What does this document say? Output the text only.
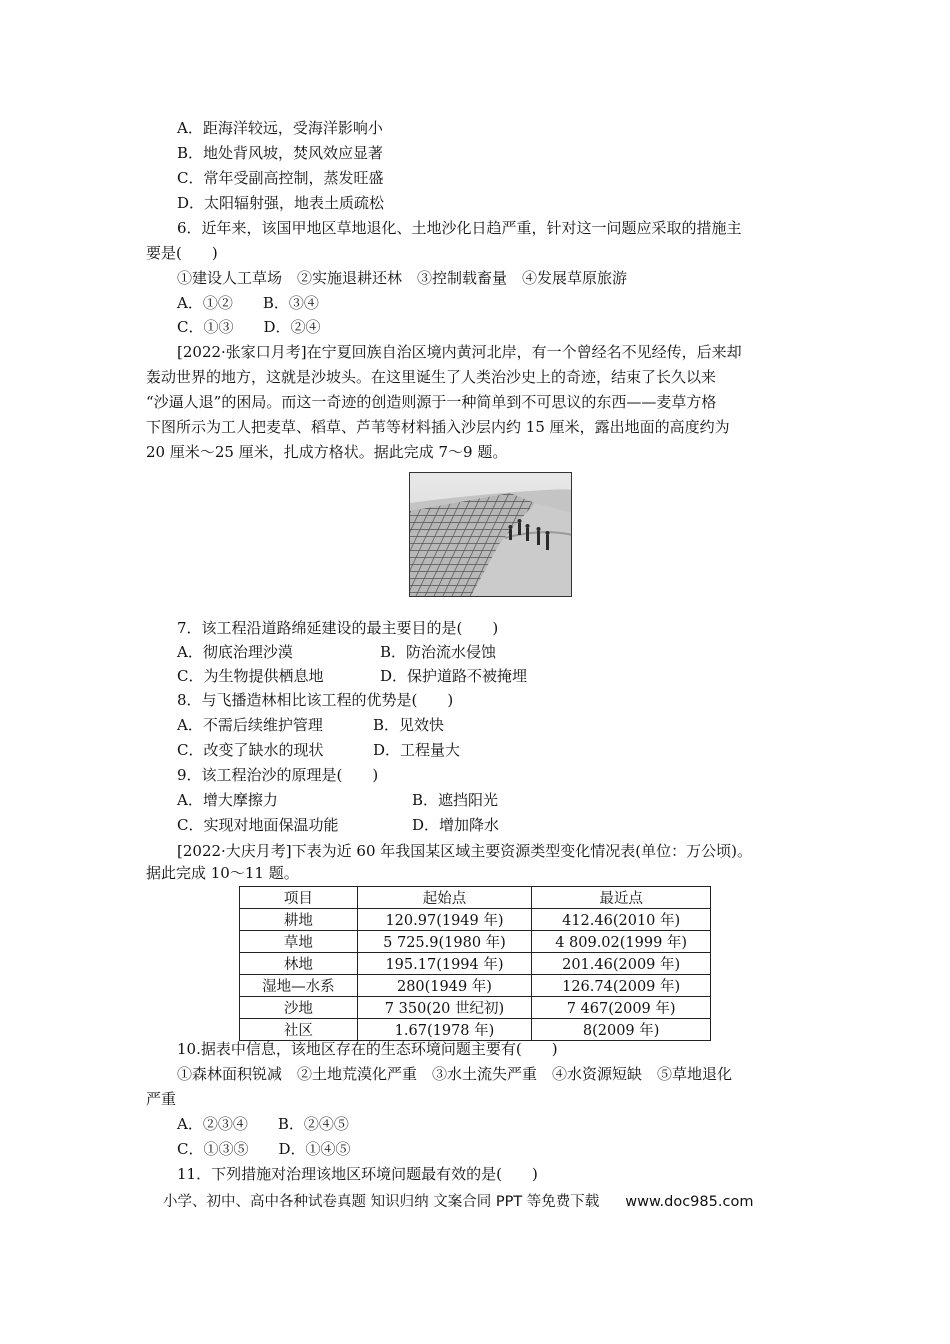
A．距海洋较远，受海洋影响小
B．地处背风坡，焚风效应显著
C．常年受副高控制，蒸发旺盛
D．太阳辐射强，地表土质疏松
6．近年来，该国甲地区草地退化、土地沙化日趋严重，针对这一问题应采取的措施主
要是(　　)
①建设人工草场　②实施退耕还林　③控制载畜量　④发展草原旅游
A．①②　　B．③④
C．①③　　D．②④
[2022·张家口月考]在宁夏回族自治区境内黄河北岸，有一个曾经名不见经传，后来却
轰动世界的地方，这就是沙坡头。在这里诞生了人类治沙史上的奇迹，结束了长久以来
“沙逼人退”的困局。而这一奇迹的创造则源于一种简单到不可思议的东西——麦草方格
下图所示为工人把麦草、稻草、芦苇等材料插入沙层内约 15 厘米，露出地面的高度约为
20 厘米～25 厘米，扎成方格状。据此完成 7～9 题。
7．该工程沿道路绵延建设的最主要目的是(　　)
A．彻底治理沙漠	B．防治流水侵蚀
C．为生物提供栖息地	D．保护道路不被掩埋
8．与飞播造林相比该工程的优势是(　　)
A．不需后续维护管理	B．见效快
C．改变了缺水的现状	D．工程量大
9．该工程治沙的原理是(　　)
A．增大摩擦力	B．遮挡阳光
C．实现对地面保温功能	D．增加降水
[2022·大庆月考]下表为近 60 年我国某区域主要资源类型变化情况表(单位：万公顷)。
据此完成 10～11 题。
项目	起始点	最近点
耕地	120.97(1949 年)	412.46(2010 年)
草地	5 725.9(1980 年)	4 809.02(1999 年)
林地	195.17(1994 年)	201.46(2009 年)
湿地—水系	280(1949 年)	126.74(2009 年)
沙地	7 350(20 世纪初)	7 467(2009 年)
社区	1.67(1978 年)	8(2009 年)
10.据表中信息，该地区存在的生态环境问题主要有(　　)
①森林面积锐减　②土地荒漠化严重　③水土流失严重　④水资源短缺　⑤草地退化
严重
A．②③④　　B．②④⑤
C．①③⑤　　D．①④⑤
11．下列措施对治理该地区环境问题最有效的是(　　)
小学、初中、高中各种试卷真题 知识归纳 文案合同 PPT 等免费下载 www.doc985.com
